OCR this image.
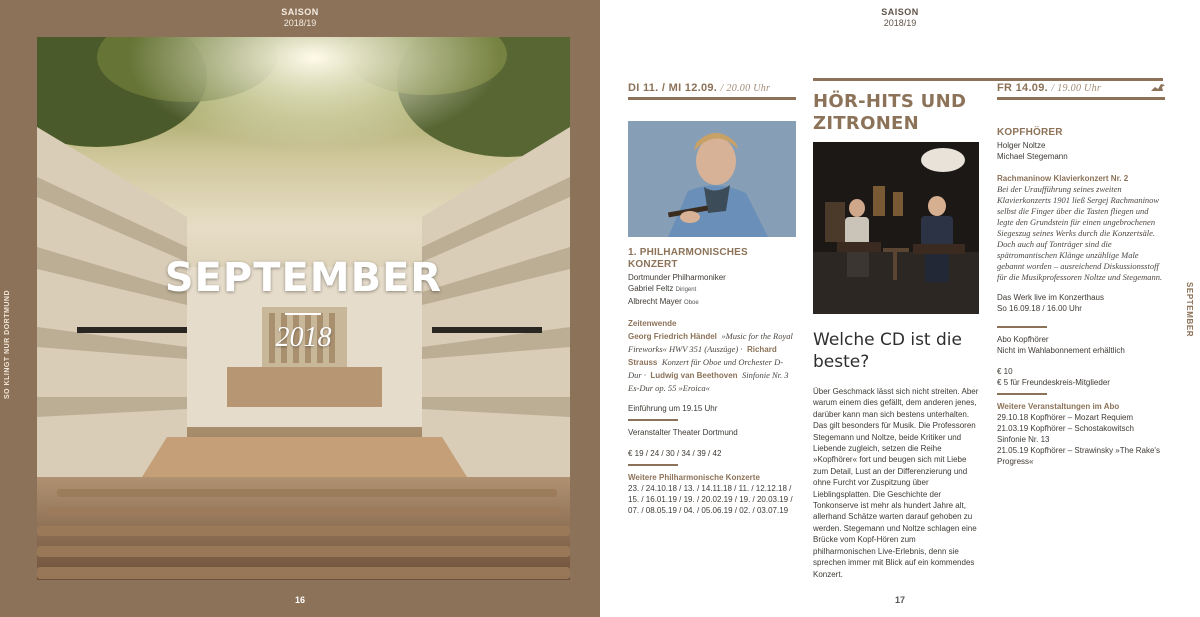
SAISON
2018/19
SO KLINGT NUR DORTMUND
SEPTEMBER
2018
16
SAISON
2018/19
SEPTEMBER
DI 11. / MI 12.09. / 20.00 Uhr
1. PHILHARMONISCHES KONZERT
Dortmunder Philharmoniker
Gabriel Feltz Dirigent
Albrecht Mayer Oboe
Zeitenwende
Georg Friedrich Händel »Music for the Royal Fireworks« HWV 351 (Auszüge) · Richard Strauss Konzert für Oboe und Orchester D-Dur · Ludwig van Beethoven Sinfonie Nr. 3 Es-Dur op. 55 »Eroica«
Einführung um 19.15 Uhr
Veranstalter Theater Dortmund
€ 19 / 24 / 30 / 34 / 39 / 42
Weitere Philharmonische Konzerte
23. / 24.10.18 / 13. / 14.11.18 / 11. / 12.12.18 / 15. / 16.01.19 / 19. / 20.02.19 / 19. / 20.03.19 / 07. / 08.05.19 / 04. / 05.06.19 / 02. / 03.07.19
HÖR-HITS UND ZITRONEN
Welche CD ist die beste?
Über Geschmack lässt sich nicht streiten. Aber warum einem dies gefällt, dem anderen jenes, darüber kann man sich bestens unterhalten. Das gilt besonders für Musik. Die Professoren Stegemann und Noltze, beide Kritiker und Liebende zugleich, setzen die Reihe »Kopfhörer« fort und beugen sich mit Liebe zum Detail, Lust an der Differenzierung und ohne Furcht vor Zuspitzung über Lieblingsplatten. Die Geschichte der Tonkonserve ist mehr als hundert Jahre alt, allerhand Schätze warten darauf gehoben zu werden. Stegemann und Noltze schlagen eine Brücke vom Kopf-Hören zum philharmonischen Live-Erlebnis, denn sie sprechen immer mit Blick auf ein kommendes Konzert.
FR 14.09. / 19.00 Uhr
KOPFHÖRER
Holger Noltze
Michael Stegemann
Rachmaninow Klavierkonzert Nr. 2
Bei der Uraufführung seines zweiten Klavierkonzerts 1901 ließ Sergej Rachmaninow selbst die Finger über die Tasten fliegen und legte den Grundstein für einen ungebrochenen Siegeszug seines Werks durch die Konzertsäle. Doch auch auf Tonträger sind die spätromantischen Klänge unzählige Male gebannt worden – ausreichend Diskussionsstoff für die Musikprofessoren Noltze und Stegemann.
Das Werk live im Konzerthaus
So 16.09.18 / 16.00 Uhr
Abo Kopfhörer
Nicht im Wahlabonnement erhältlich
€ 10
€ 5 für Freundeskreis-Mitglieder
Weitere Veranstaltungen im Abo
29.10.18 Kopfhörer – Mozart Requiem
21.03.19 Kopfhörer – Schostakowitsch Sinfonie Nr. 13
21.05.19 Kopfhörer – Strawinsky »The Rake's Progress«
17
